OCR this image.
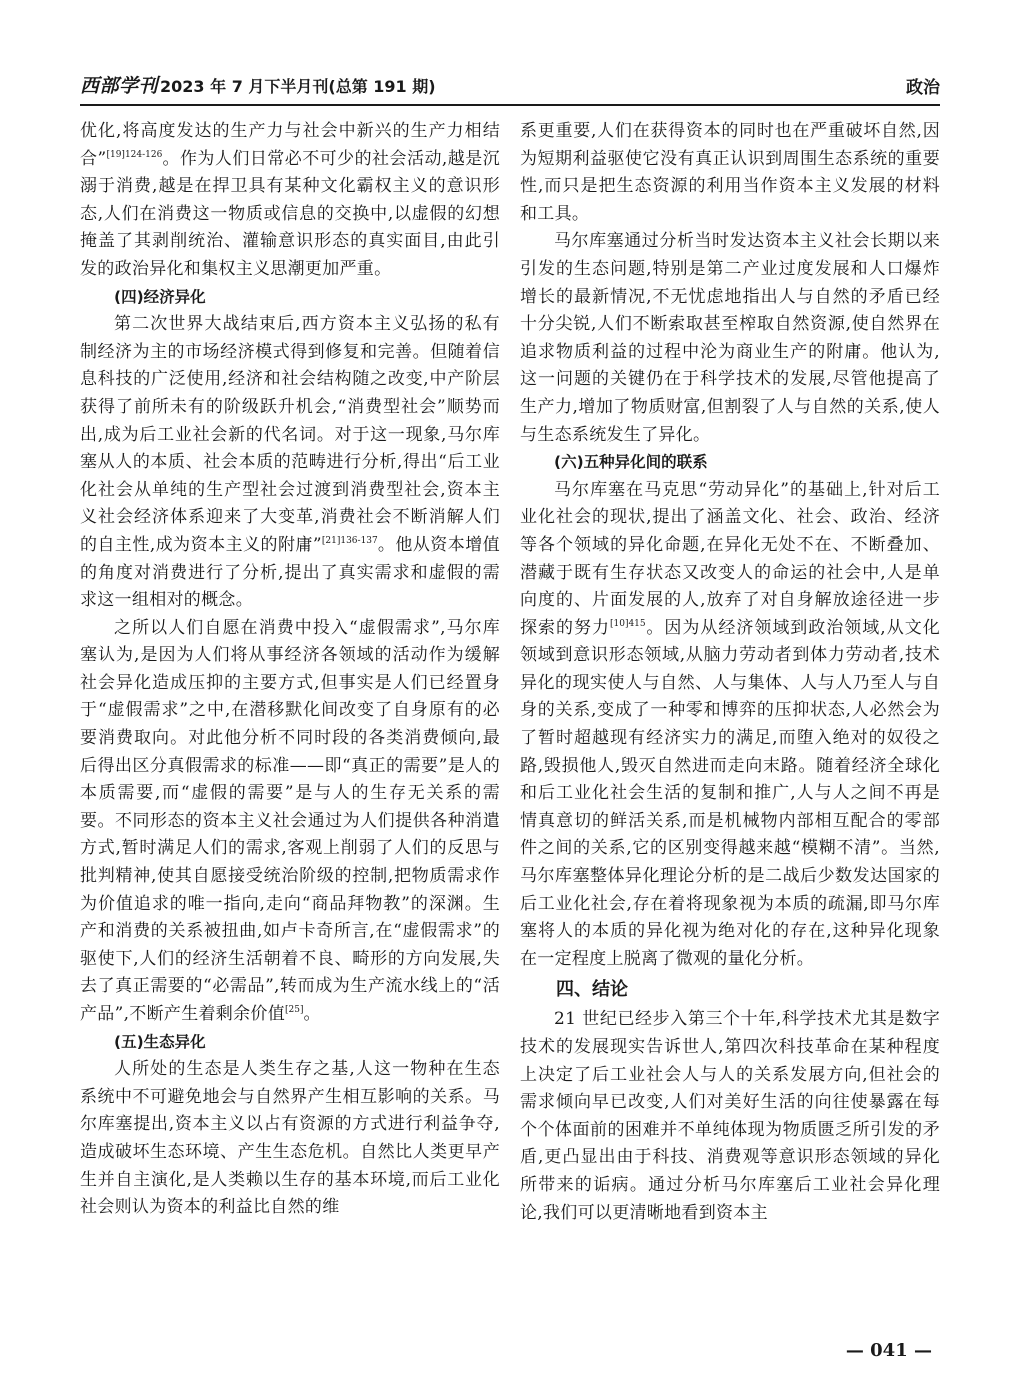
西部学刊 2023 年 7 月下半月刊(总第 191 期)	政治

优化,将高度发达的生产力与社会中新兴的生产力相结合”$^{[19]124-126}$。作为人们日常必不可少的社会活动,越是沉溺于消费,越是在捍卫具有某种文化霸权主义的意识形态,人们在消费这一物质或信息的交换中,以虚假的幻想掩盖了其剥削统治、灌输意识形态的真实面目,由此引发的政治异化和集权主义思潮更加严重。

(四)经济异化

第二次世界大战结束后,西方资本主义弘扬的私有制经济为主的市场经济模式得到修复和完善。但随着信息科技的广泛使用,经济和社会结构随之改变,中产阶层获得了前所未有的阶级跃升机会,“消费型社会”顺势而出,成为后工业社会新的代名词。对于这一现象,马尔库塞从人的本质、社会本质的范畴进行分析,得出“后工业化社会从单纯的生产型社会过渡到消费型社会,资本主义社会经济体系迎来了大变革,消费社会不断消解人们的自主性,成为资本主义的附庸”$^{[21]136-137}$。他从资本增值的角度对消费进行了分析,提出了真实需求和虚假的需求这一组相对的概念。

之所以人们自愿在消费中投入“虚假需求”,马尔库塞认为,是因为人们将从事经济各领域的活动作为缓解社会异化造成压抑的主要方式,但事实是人们已经置身于“虚假需求”之中,在潜移默化间改变了自身原有的必要消费取向。对此他分析不同时段的各类消费倾向,最后得出区分真假需求的标准——即“真正的需要”是人的本质需要,而“虚假的需要”是与人的生存无关系的需要。不同形态的资本主义社会通过为人们提供各种消遣方式,暂时满足人们的需求,客观上削弱了人们的反思与批判精神,使其自愿接受统治阶级的控制,把物质需求作为价值追求的唯一指向,走向“商品拜物教”的深渊。生产和消费的关系被扭曲,如卢卡奇所言,在“虚假需求”的驱使下,人们的经济生活朝着不良、畸形的方向发展,失去了真正需要的“必需品”,转而成为生产流水线上的“活产品”,不断产生着剩余价值[25]。

(五)生态异化

人所处的生态是人类生存之基,人这一物种在生态系统中不可避免地会与自然界产生相互影响的关系。马尔库塞提出,资本主义以占有资源的方式进行利益争夺,造成破坏生态环境、产生生态危机。自然比人类更早产生并自主演化,是人类赖以生存的基本环境,而后工业化社会则认为资本的利益比自然的维

系更重要,人们在获得资本的同时也在严重破坏自然,因为短期利益驱使它没有真正认识到周围生态系统的重要性,而只是把生态资源的利用当作资本主义发展的材料和工具。

马尔库塞通过分析当时发达资本主义社会长期以来引发的生态问题,特别是第二产业过度发展和人口爆炸增长的最新情况,不无忧虑地指出人与自然的矛盾已经十分尖锐,人们不断索取甚至榨取自然资源,使自然界在追求物质利益的过程中沦为商业生产的附庸。他认为,这一问题的关键仍在于科学技术的发展,尽管他提高了生产力,增加了物质财富,但割裂了人与自然的关系,使人与生态系统发生了异化。

(六)五种异化间的联系

马尔库塞在马克思“劳动异化”的基础上,针对后工业化社会的现状,提出了涵盖文化、社会、政治、经济等各个领域的异化命题,在异化无处不在、不断叠加、潜藏于既有生存状态又改变人的命运的社会中,人是单向度的、片面发展的人,放弃了对自身解放途径进一步探索的努力$^{[10]415}$。因为从经济领域到政治领域,从文化领域到意识形态领域,从脑力劳动者到体力劳动者,技术异化的现实使人与自然、人与集体、人与人乃至人与自身的关系,变成了一种零和博弈的压抑状态,人必然会为了暂时超越现有经济实力的满足,而堕入绝对的奴役之路,毁损他人,毁灭自然进而走向末路。随着经济全球化和后工业化社会生活的复制和推广,人与人之间不再是情真意切的鲜活关系,而是机械物内部相互配合的零部件之间的关系,它的区别变得越来越“模糊不清”。当然,马尔库塞整体异化理论分析的是二战后少数发达国家的后工业化社会,存在着将现象视为本质的疏漏,即马尔库塞将人的本质的异化视为绝对化的存在,这种异化现象在一定程度上脱离了微观的量化分析。

四、结论

21 世纪已经步入第三个十年,科学技术尤其是数字技术的发展现实告诉世人,第四次科技革命在某种程度上决定了后工业社会人与人的关系发展方向,但社会的需求倾向早已改变,人们对美好生活的向往使暴露在每个个体面前的困难并不单纯体现为物质匮乏所引发的矛盾,更凸显出由于科技、消费观等意识形态领域的异化所带来的诟病。通过分析马尔库塞后工业社会异化理论,我们可以更清晰地看到资本主

— 041 —
